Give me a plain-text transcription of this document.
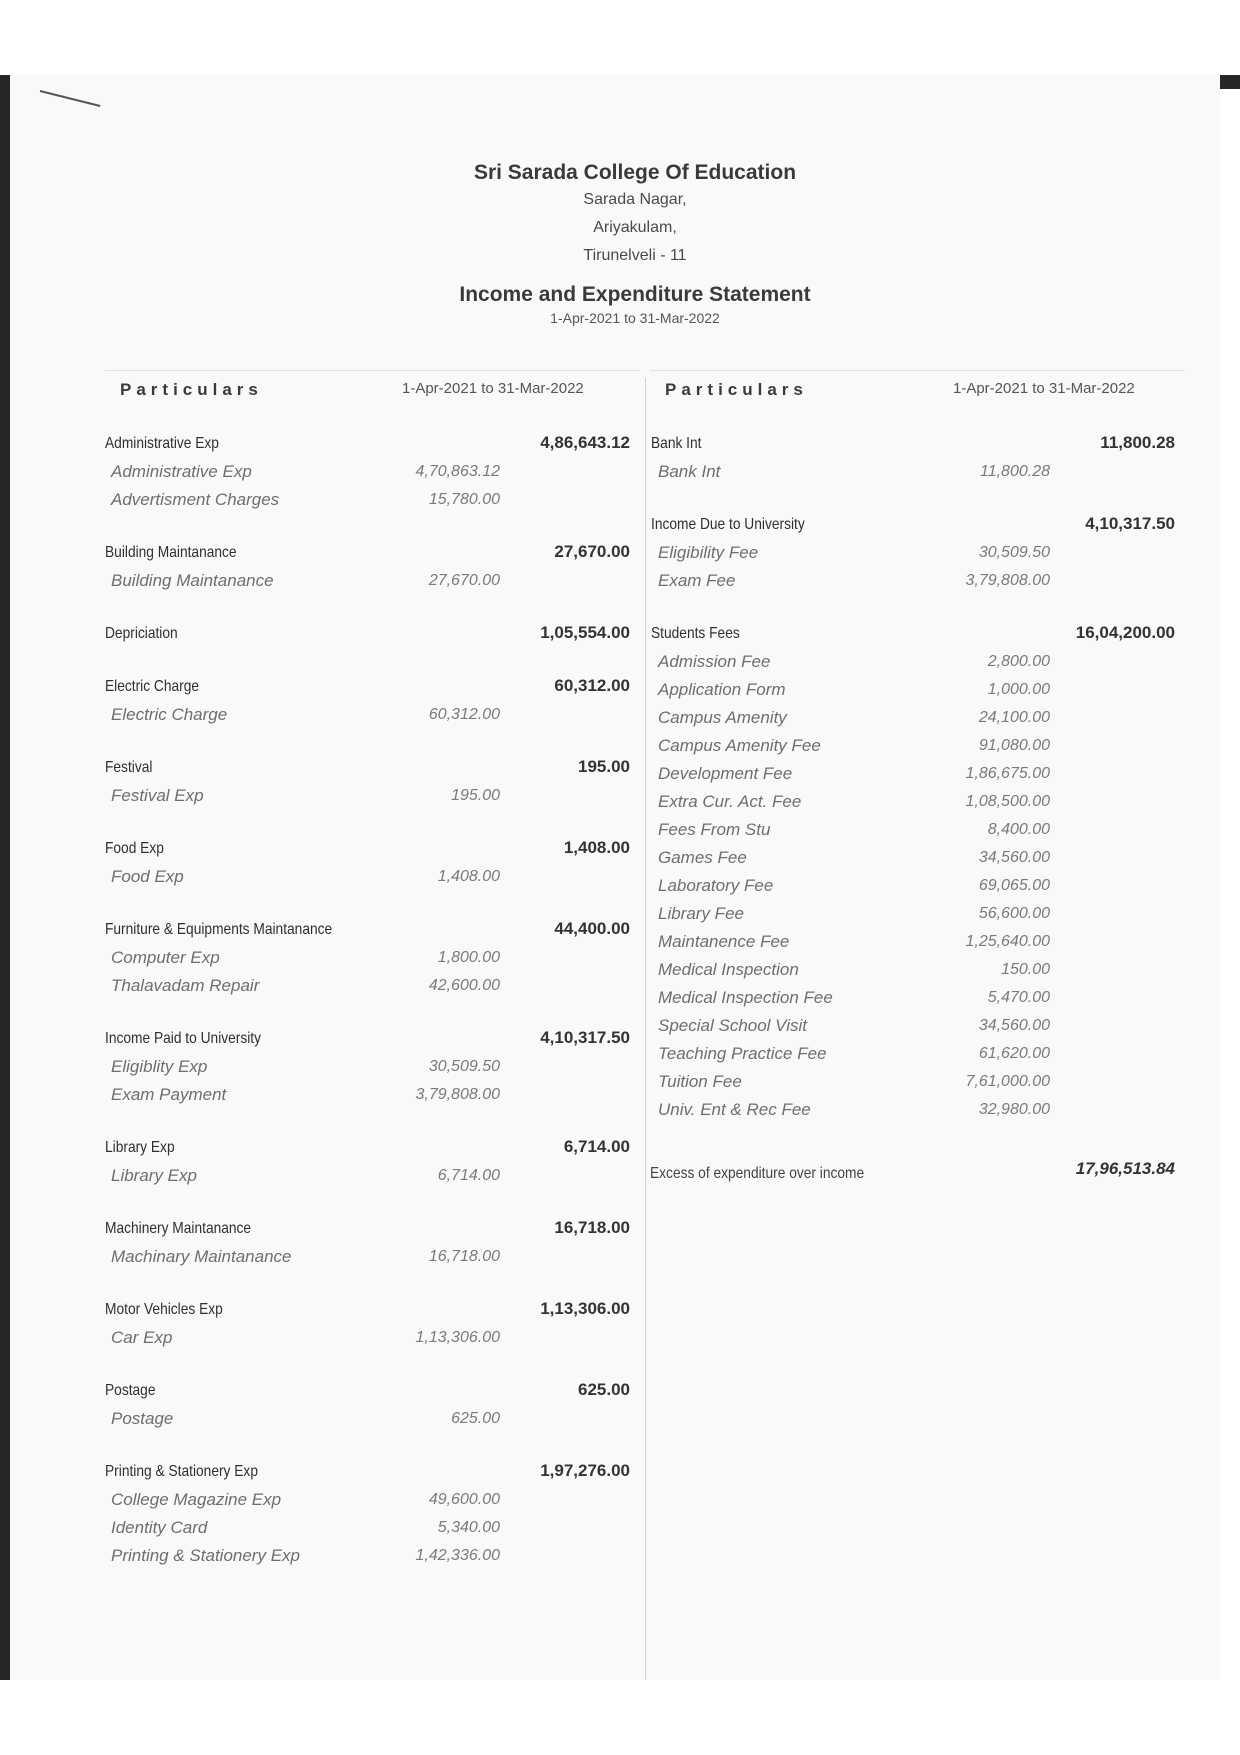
Sri Sarada College Of Education
Sarada Nagar,
Ariyakulam,
Tirunelveli - 11
Income and Expenditure Statement
1-Apr-2021 to 31-Mar-2022
Particulars	1-Apr-2021 to 31-Mar-2022	Particulars	1-Apr-2021 to 31-Mar-2022
Administrative Exp	4,86,643.12
Administrative Exp	4,70,863.12
Advertisment Charges	15,780.00
Building Maintanance	27,670.00
Building Maintanance	27,670.00
Depriciation	1,05,554.00
Electric Charge	60,312.00
Electric Charge	60,312.00
Festival	195.00
Festival Exp	195.00
Food Exp	1,408.00
Food Exp	1,408.00
Furniture & Equipments Maintanance	44,400.00
Computer Exp	1,800.00
Thalavadam Repair	42,600.00
Income Paid to University	4,10,317.50
Eligiblity Exp	30,509.50
Exam Payment	3,79,808.00
Library Exp	6,714.00
Library Exp	6,714.00
Machinery Maintanance	16,718.00
Machinary Maintanance	16,718.00
Motor Vehicles Exp	1,13,306.00
Car Exp	1,13,306.00
Postage	625.00
Postage	625.00
Printing & Stationery Exp	1,97,276.00
College Magazine Exp	49,600.00
Identity Card	5,340.00
Printing & Stationery Exp	1,42,336.00
Bank Int	11,800.28
Bank Int	11,800.28
Income Due to University	4,10,317.50
Eligibility Fee	30,509.50
Exam Fee	3,79,808.00
Students Fees	16,04,200.00
Admission Fee	2,800.00
Application Form	1,000.00
Campus Amenity	24,100.00
Campus Amenity Fee	91,080.00
Development Fee	1,86,675.00
Extra Cur. Act. Fee	1,08,500.00
Fees From Stu	8,400.00
Games Fee	34,560.00
Laboratory Fee	69,065.00
Library Fee	56,600.00
Maintanence Fee	1,25,640.00
Medical Inspection	150.00
Medical Inspection Fee	5,470.00
Special School Visit	34,560.00
Teaching Practice Fee	61,620.00
Tuition Fee	7,61,000.00
Univ. Ent & Rec Fee	32,980.00
Excess of expenditure over income	17,96,513.84
